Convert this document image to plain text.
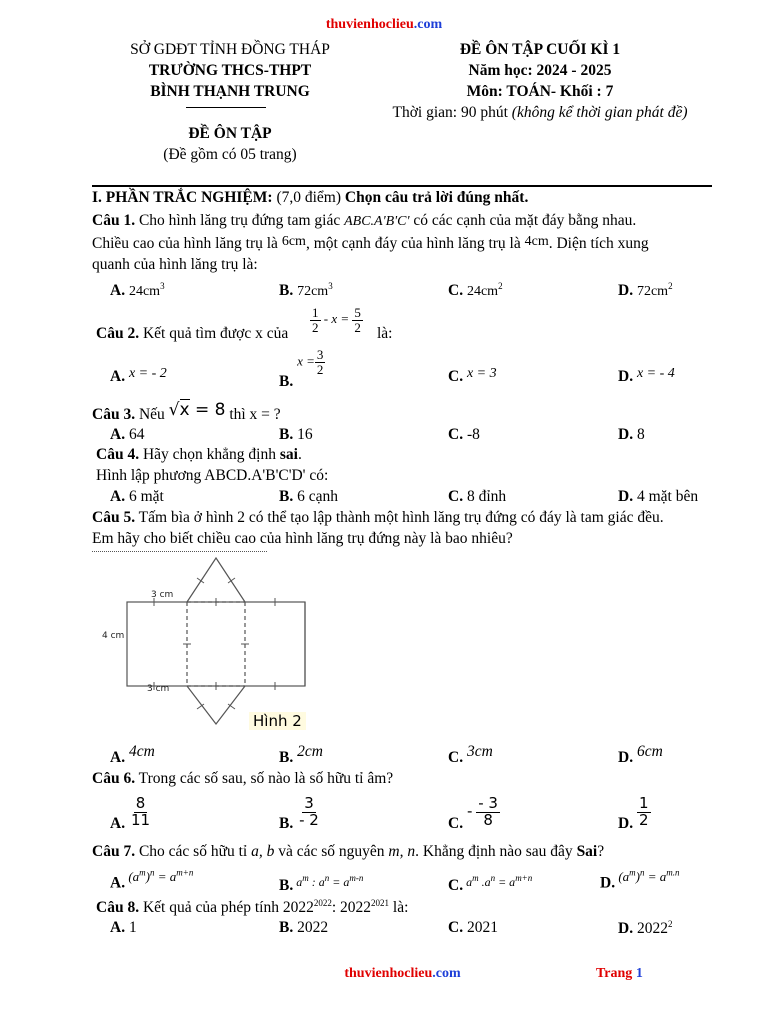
thuvienhoclieu.com
SỞ GDĐT TỈNH ĐỒNG THÁP
TRƯỜNG THCS-THPT
BÌNH THẠNH TRUNG
ĐỀ ÔN TẬP
(Đề gồm có 05 trang)
ĐỀ ÔN TẬP CUỐI KÌ 1
Năm học: 2024 - 2025
Môn: TOÁN- Khối : 7
Thời gian: 90 phút (không kể thời gian phát đề)
I. PHẦN TRẮC NGHIỆM: (7,0 điểm) Chọn câu trả lời đúng nhất.
Câu 1. Cho hình lăng trụ đứng tam giác ABC.A'B'C' có các cạnh của mặt đáy bằng nhau.
Chiều cao của hình lăng trụ là 6cm, một cạnh đáy của hình lăng trụ là 4cm. Diện tích xung
quanh của hình lăng trụ là:
A. $24cm^3$	B. $72cm^3$	C. $24cm^2$	D. $72cm^2$
Câu 2. Kết quả tìm được x của $\frac{1}{2} - x = \frac{5}{2}$ là:
A. x = - 2	B. $x = \frac{3}{2}$
C. x = 3	D. x = - 4
Câu 3. Nếu √x = 8 thì x = ?
A. 64	B. 16	C. -8	D. 8
Câu 4. Hãy chọn khẳng định sai.
Hình lập phương ABCD.A'B'C'D' có:
A. 6 mặt	B. 6 cạnh	C. 8 đỉnh	D. 4 mặt bên
Câu 5. Tấm bìa ở hình 2 có thể tạo lập thành một hình lăng trụ đứng có đáy là tam giác đều.
Em hãy cho biết chiều cao của hình lăng trụ đứng này là bao nhiêu?
3 cm
4 cm
3 cm
Hình 2
A. 4cm	B. 2cm	C. 3cm	D. 6cm
Câu 6. Trong các số sau, số nào là số hữu tỉ âm?
A. $\frac{8}{11}$	B. $\frac{3}{- 2}$	C. - $\frac{- 3}{8}$	D. $\frac{1}{2}$
Câu 7. Cho các số hữu tỉ a, b và các số nguyên m, n. Khẳng định nào sau đây Sai?
A. $(a^m)^n = a^{m+n}$
B. $a^m$ : $a^n = a^{m-n}$	C. $a^m$ $.a^n = a^{m+n}$	D. $(a^m)^n = a^{m.n}$
Câu 8. Kết quả của phép tính $2022^{2022}$: $2022^{2021}$ là:
A. 1	B. 2022	C. 2021	D. 2022$^2$
thuvienhoclieu.com	Trang 1
